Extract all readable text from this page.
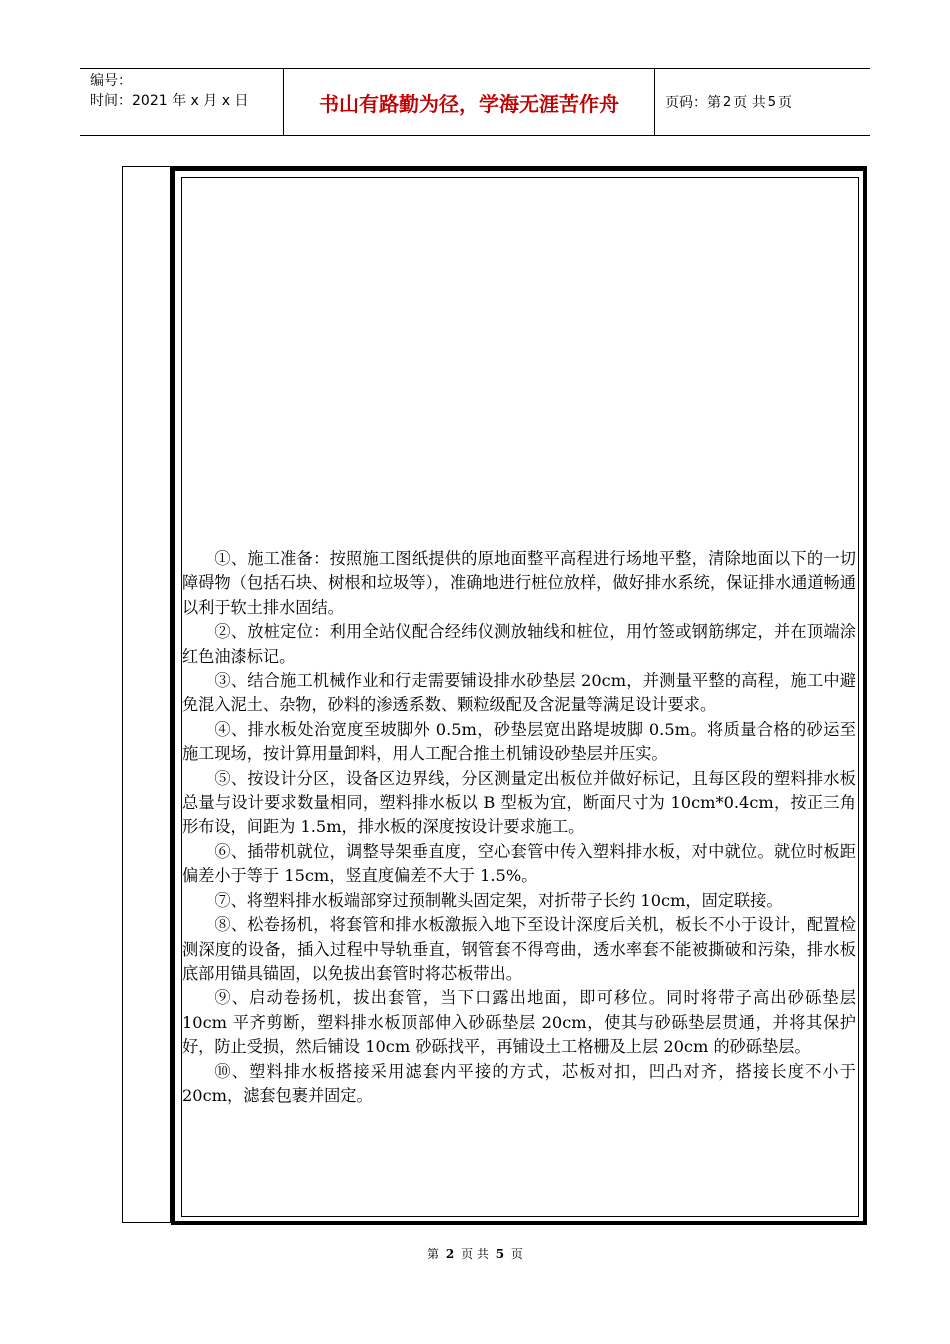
编号：
时间：2021 年 x 月 x 日	书山有路勤为径，学海无涯苦作舟	页码：第 2 页 共 5 页

①、施工准备：按照施工图纸提供的原地面整平高程进行场地平整，清除地面以下的一切障碍物（包括石块、树根和垃圾等），准确地进行桩位放样，做好排水系统，保证排水通道畅通以利于软土排水固结。

②、放桩定位：利用全站仪配合经纬仪测放轴线和桩位，用竹签或钢筋绑定，并在顶端涂红色油漆标记。

③、结合施工机械作业和行走需要铺设排水砂垫层 20cm，并测量平整的高程，施工中避免混入泥土、杂物，砂料的渗透系数、颗粒级配及含泥量等满足设计要求。

④、排水板处治宽度至坡脚外 0.5m，砂垫层宽出路堤坡脚 0.5m。将质量合格的砂运至施工现场，按计算用量卸料，用人工配合推土机铺设砂垫层并压实。

⑤、按设计分区，设备区边界线，分区测量定出板位并做好标记，且每区段的塑料排水板总量与设计要求数量相同，塑料排水板以 B 型板为宜，断面尺寸为 10cm*0.4cm，按正三角形布设，间距为 1.5m，排水板的深度按设计要求施工。

⑥、插带机就位，调整导架垂直度，空心套管中传入塑料排水板，对中就位。就位时板距偏差小于等于 15cm，竖直度偏差不大于 1.5%。

⑦、将塑料排水板端部穿过预制靴头固定架，对折带子长约 10cm，固定联接。

⑧、松卷扬机，将套管和排水板激振入地下至设计深度后关机，板长不小于设计，配置检测深度的设备，插入过程中导轨垂直，钢管套不得弯曲，透水率套不能被撕破和污染，排水板底部用锚具锚固，以免拔出套管时将芯板带出。

⑨、启动卷扬机，拔出套管，当下口露出地面，即可移位。同时将带子高出砂砾垫层 10cm 平齐剪断，塑料排水板顶部伸入砂砾垫层 20cm，使其与砂砾垫层贯通，并将其保护好，防止受损，然后铺设 10cm 砂砾找平，再铺设土工格栅及上层 20cm 的砂砾垫层。

⑩、塑料排水板搭接采用滤套内平接的方式，芯板对扣，凹凸对齐，搭接长度不小于 20cm，滤套包裹并固定。

第 2 页 共 5 页
